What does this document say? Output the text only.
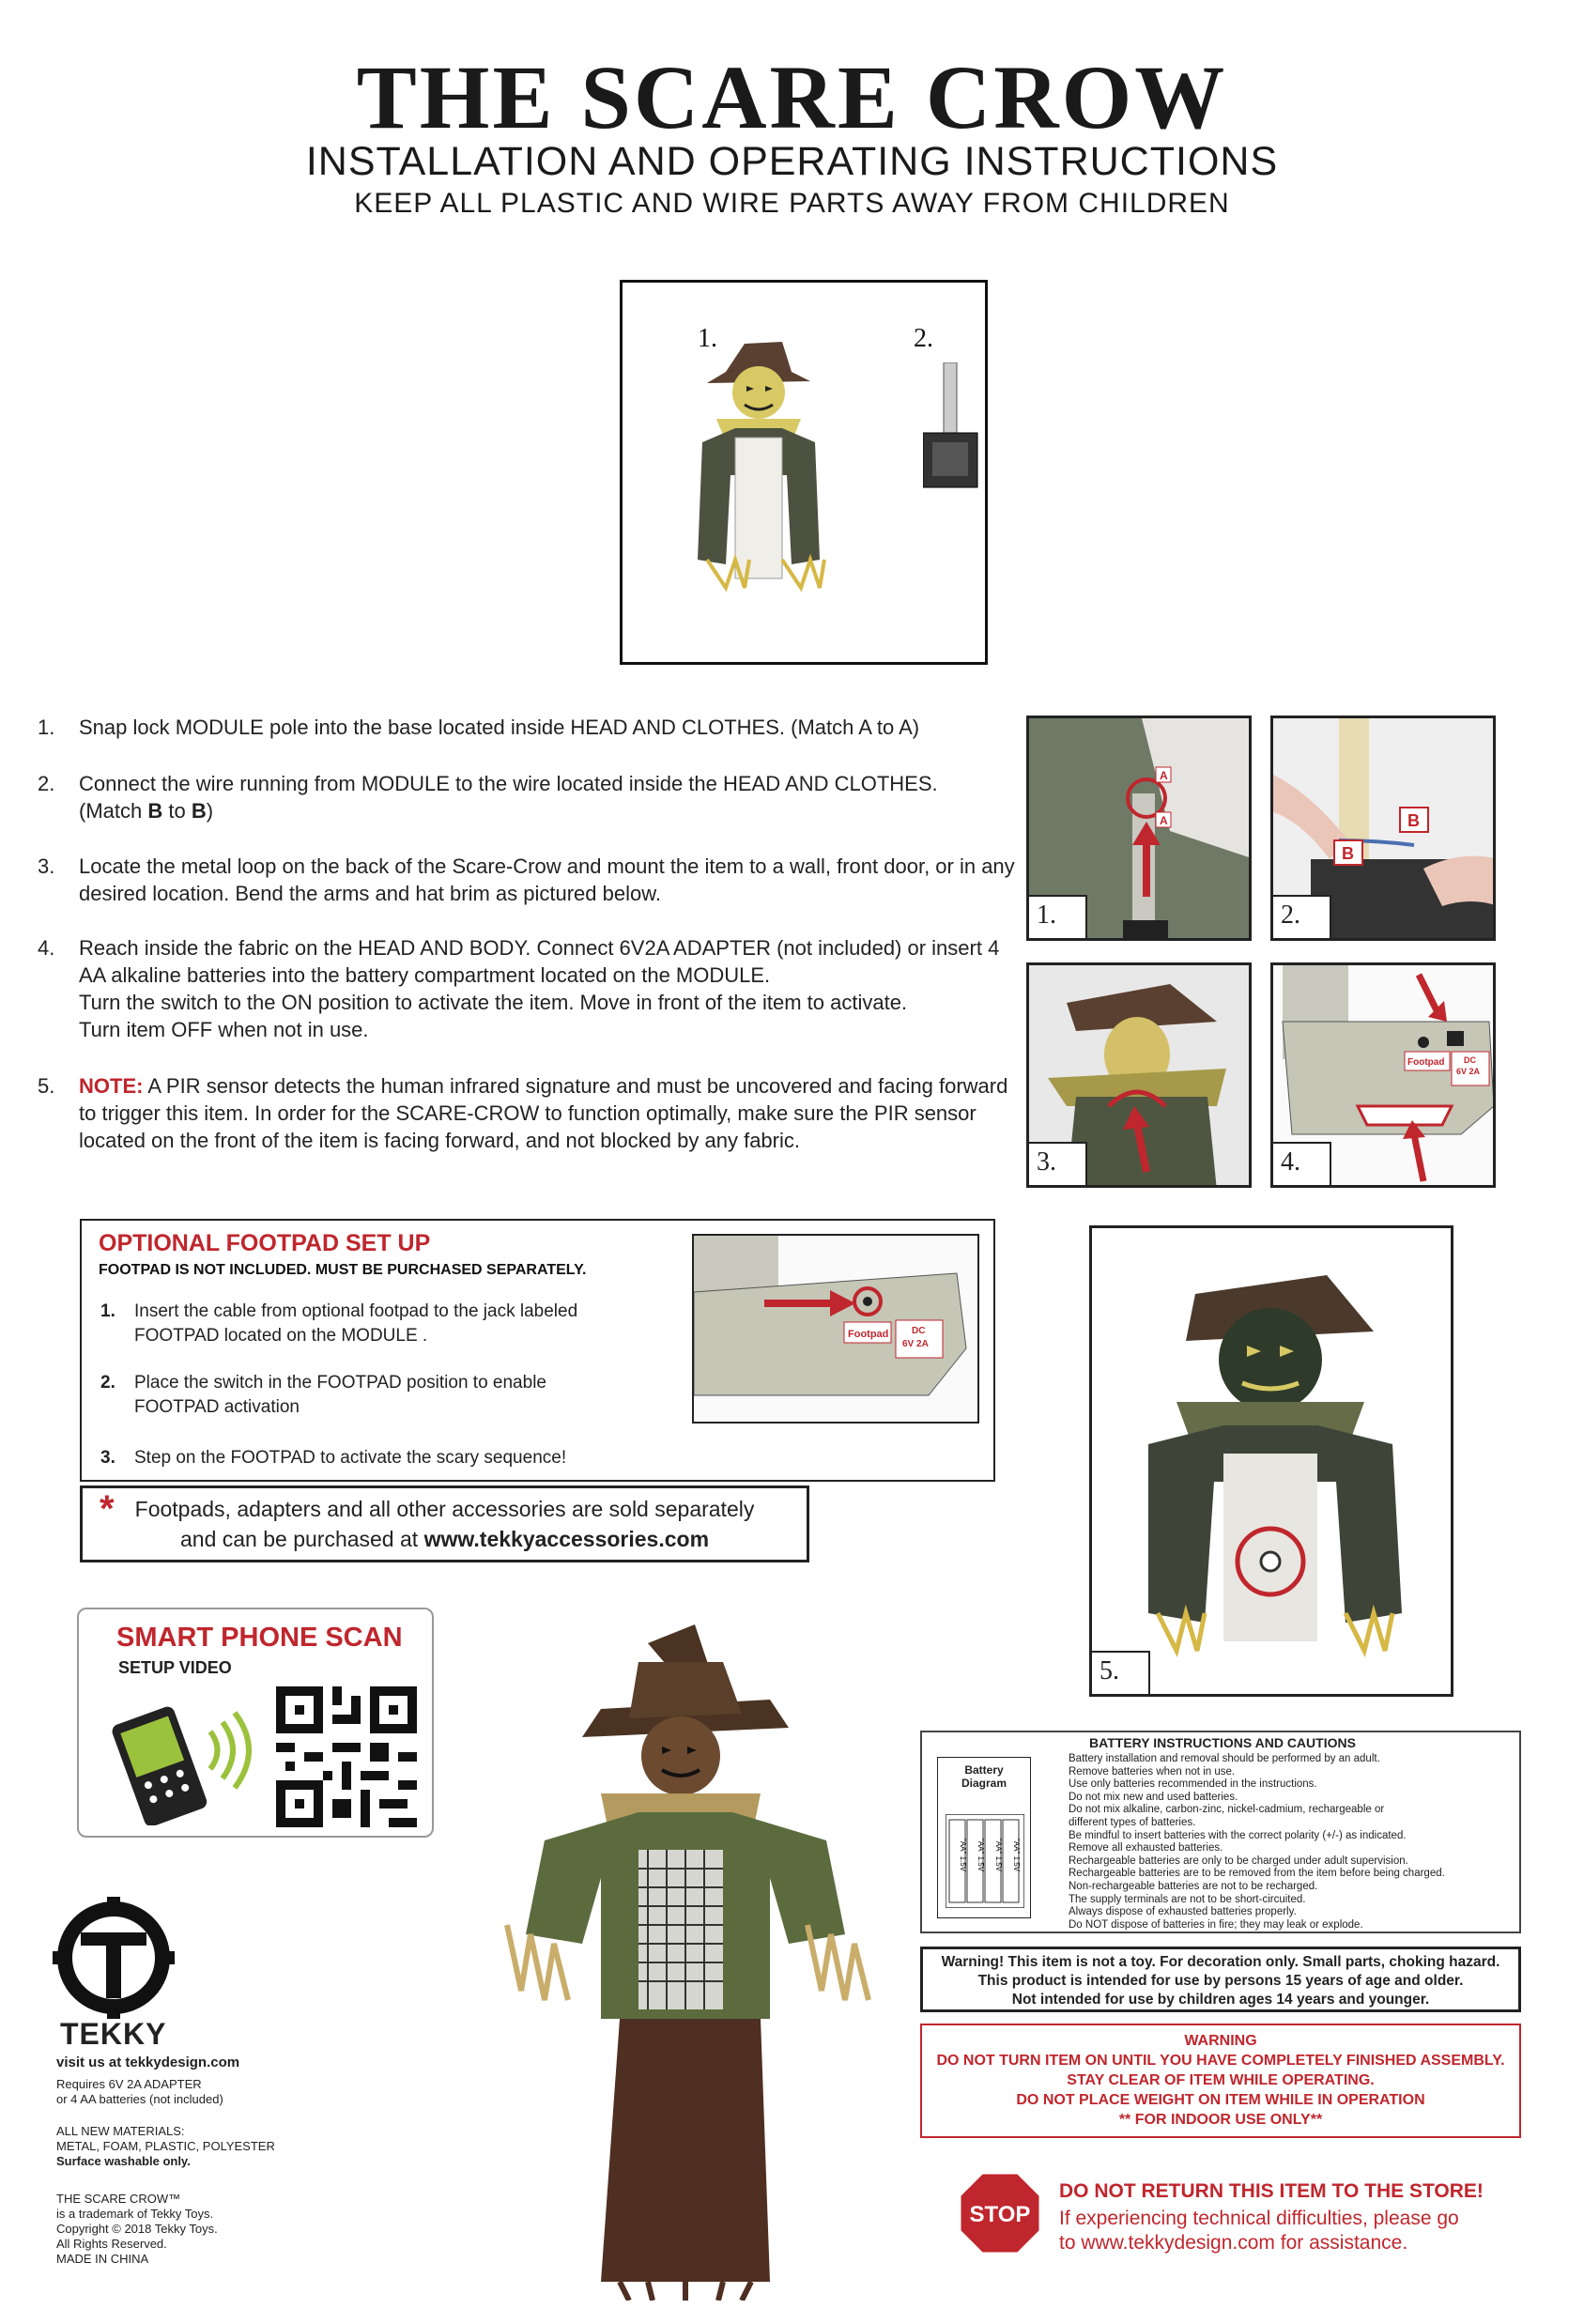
THE SCARE CROW
INSTALLATION AND OPERATING INSTRUCTIONS
KEEP ALL PLASTIC AND WIRE PARTS AWAY FROM CHILDREN
1.	2.
1.	Snap lock MODULE pole into the base located inside HEAD AND CLOTHES. (Match A to A)
2.	Connect the wire running from MODULE to the wire located inside the HEAD AND CLOTHES.
(Match B to B)
3.	Locate the metal loop on the back of the Scare-Crow and mount the item to a wall, front door, or in any desired location. Bend the arms and hat brim as pictured below.
4.	Reach inside the fabric on the HEAD AND BODY. Connect 6V2A ADAPTER (not included) or insert 4 AA alkaline batteries into the battery compartment located on the MODULE.
Turn the switch to the ON position to activate the item. Move in front of the item to activate.
Turn item OFF when not in use.
5.	NOTE: A PIR sensor detects the human infrared signature and must be uncovered and facing forward to trigger this item. In order for the SCARE-CROW to function optimally, make sure the PIR sensor located on the front of the item is facing forward, and not blocked by any fabric.
A
A
1.
B
B
2.
3.
Footpad DC
6V 2A
4.
OPTIONAL FOOTPAD SET UP
FOOTPAD IS NOT INCLUDED. MUST BE PURCHASED SEPARATELY.
1. Insert the cable from optional footpad to the jack labeled
FOOTPAD located on the MODULE .
2. Place the switch in the FOOTPAD position to enable
FOOTPAD activation
3. Step on the FOOTPAD to activate the scary sequence!
Footpad DC
6V 2A
* Footpads, adapters and all other accessories are sold separately
and can be purchased at www.tekkyaccessories.com
5.
SMART PHONE SCAN
SETUP VIDEO
TEKKY
visit us at tekkydesign.com
Requires 6V 2A ADAPTER
or 4 AA batteries (not included)
ALL NEW MATERIALS:
METAL, FOAM, PLASTIC, POLYESTER
Surface washable only.
THE SCARE CROW™
is a trademark of Tekky Toys.
Copyright © 2018 Tekky Toys.
All Rights Reserved.
MADE IN CHINA
BATTERY INSTRUCTIONS AND CAUTIONS
Battery
Diagram
"AA" 1.5V "AA" 1.5V "AA" 1.5V "AA" 1.5V
Battery installation and removal should be performed by an adult.
Remove batteries when not in use.
Use only batteries recommended in the instructions.
Do not mix new and used batteries.
Do not mix alkaline, carbon-zinc, nickel-cadmium, rechargeable or
different types of batteries.
Be mindful to insert batteries with the correct polarity (+/-) as indicated.
Remove all exhausted batteries.
Rechargeable batteries are only to be charged under adult supervision.
Rechargeable batteries are to be removed from the item before being charged.
Non-rechargeable batteries are not to be recharged.
The supply terminals are not to be short-circuited.
Always dispose of exhausted batteries properly.
Do NOT dispose of batteries in fire; they may leak or explode.
Warning! This item is not a toy. For decoration only. Small parts, choking hazard.
This product is intended for use by persons 15 years of age and older.
Not intended for use by children ages 14 years and younger.
WARNING
DO NOT TURN ITEM ON UNTIL YOU HAVE COMPLETELY FINISHED ASSEMBLY.
STAY CLEAR OF ITEM WHILE OPERATING.
DO NOT PLACE WEIGHT ON ITEM WHILE IN OPERATION
** FOR INDOOR USE ONLY**
STOP
DO NOT RETURN THIS ITEM TO THE STORE!
If experiencing technical difficulties, please go
to www.tekkydesign.com for assistance.
